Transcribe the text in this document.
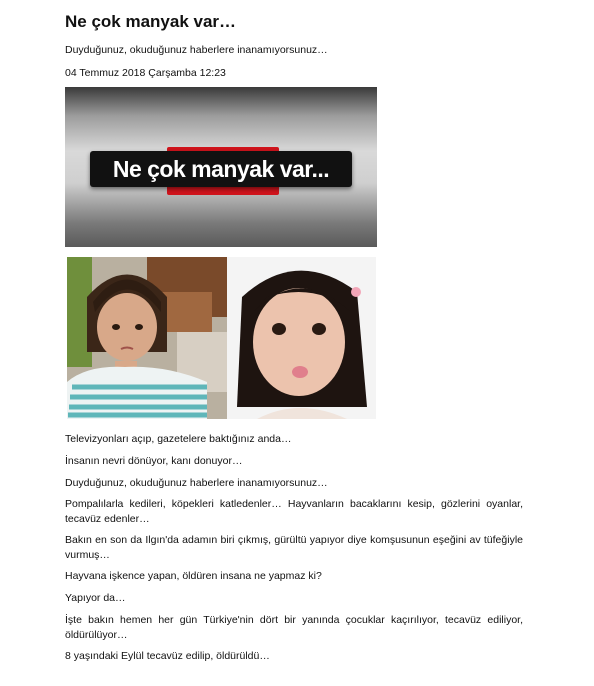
Ne çok manyak var…
Duyduğunuz, okuduğunuz haberlere inanamıyorsunuz…
04 Temmuz 2018 Çarşamba 12:23
Ne çok manyak var...
Televizyonları açıp, gazetelere baktığınız anda…
İnsanın nevri dönüyor, kanı donuyor…
Duyduğunuz, okuduğunuz haberlere inanamıyorsunuz…
Pompalılarla kedileri, köpekleri katledenler… Hayvanların bacaklarını kesip, gözlerini oyanlar, tecavüz edenler…
Bakın en son da Ilgın'da adamın biri çıkmış, gürültü yapıyor diye komşusunun eşeğini av tüfeğiyle vurmuş…
Hayvana işkence yapan, öldüren insana ne yapmaz ki?
Yapıyor da…
İşte bakın hemen her gün Türkiye'nin dört bir yanında çocuklar kaçırılıyor, tecavüz ediliyor, öldürülüyor…
8 yaşındaki Eylül tecavüz edilip, öldürüldü…
